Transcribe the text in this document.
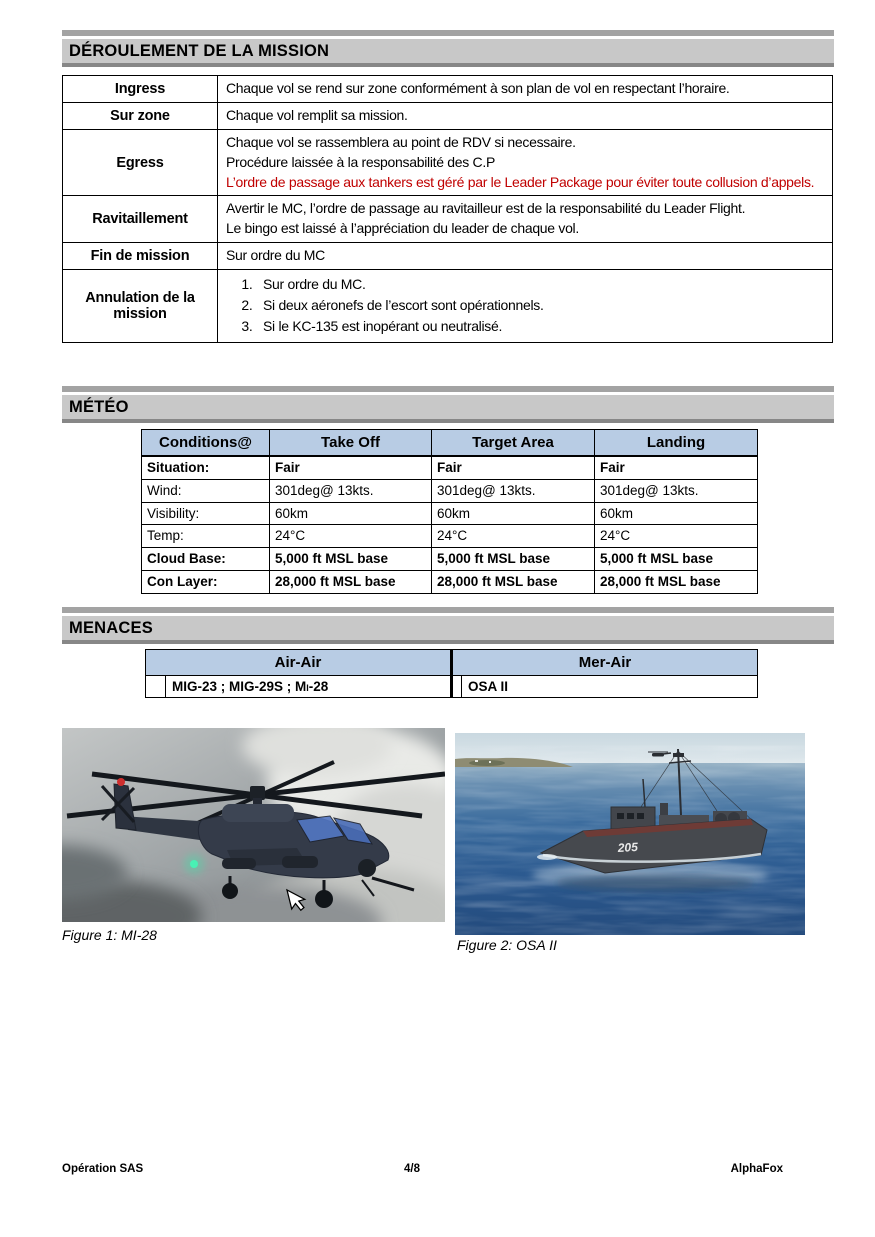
DÉROULEMENT DE LA MISSION
Ingress	Chaque vol se rend sur zone conformément à son plan de vol en respectant l’horaire.

Sur zone	Chaque vol remplit sa mission.

Egress	Chaque vol se rassemblera au point de RDV si necessaire.
Procédure laissée à la responsabilité des C.P
L’ordre de passage aux tankers est géré par le Leader Package pour éviter toute collusion d’appels.

Ravitaillement	Avertir le MC, l’ordre de passage au ravitailleur est de la responsabilité du Leader Flight.
Le bingo est laissé à l’appréciation du leader de chaque vol.

Fin de mission	Sur ordre du MC

Annulation de la mission	
1. Sur ordre du MC.
2. Si deux aéronefs de l’escort sont opérationnels.
3. Si le KC-135 est inopérant ou neutralisé.
MÉTÉO
Conditions@	Take Off	Target Area	Landing
Situation:	Fair	Fair	Fair
Wind:	301deg@ 13kts.	301deg@ 13kts.	301deg@ 13kts.
Visibility:	60km	60km	60km
Temp:	24°C	24°C	24°C
Cloud Base:	5,000 ft MSL base	5,000 ft MSL base	5,000 ft MSL base
Con Layer:	28,000 ft MSL base	28,000 ft MSL base	28,000 ft MSL base
MENACES
Air-Air		Mer-Air	
	MIG-23 ; MIG-29S ; Mi-28		OSA II
205
Figure 1: MI-28
Figure 2: OSA II
Opération SAS	4/8	AlphaFox
